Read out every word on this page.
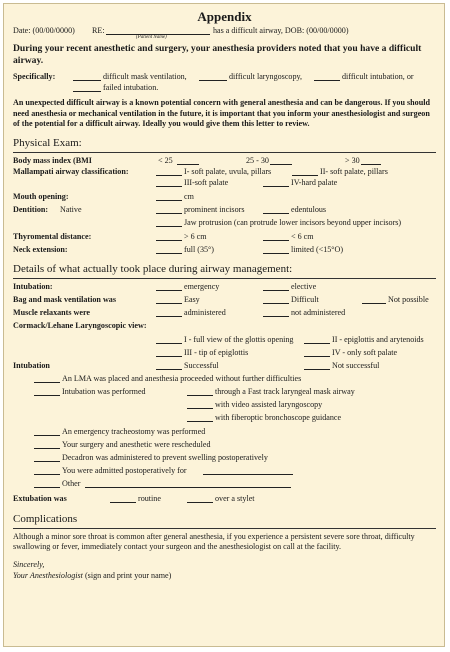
Appendix
Date: (00/00/0000) RE:
(Patient Name)
has a difficult airway, DOB: (00/00/0000)

During your recent anesthetic and surgery, your anesthesia providers noted that you have a difficult airway.

Specifically:	difficult mask ventilation,	difficult laryngoscopy,	difficult intubation, or
failed intubation.

An unexpected difficult airway is a known potential concern with general anesthesia and can be dangerous. If you should need anesthesia or mechanical ventilation in the future, it is important that you inform your anesthesiologist and surgeon of the potential for a difficult airway. Ideally you would give them this letter to review.

Physical Exam:
Body mass index (BMI	< 25	25 - 30	> 30
Mallampati airway classification:	I- soft palate, uvula, pillars	II- soft palate, pillars
III-soft palate	IV-hard palate
Mouth opening:	cm
Dentition: Native	prominent incisors	edentulous
Jaw protrusion (can protrude lower incisors beyond upper incisors)
Thyromental distance:	> 6 cm	< 6 cm
Neck extension:	full (35°)	limited (<15°O)
Details of what actually took place during airway management:
Intubation:	emergency	elective
Bag and mask ventilation was	Easy	Difficult	Not possible
Muscle relaxants were	administered	not administered
Cormack/Lehane Laryngoscopic view:
I - full view of the glottis opening	II - epiglottis and arytenoids
III - tip of epiglottis	IV - only soft palate
Intubation	Successful	Not successful
An LMA was placed and anesthesia proceeded without further difficulties
Intubation was performed	through a Fast track laryngeal mask airway
with video assisted laryngoscopy
with fiberoptic bronchoscope guidance
An emergency tracheostomy was performed
Your surgery and anesthetic were rescheduled
Decadron was administered to prevent swelling postoperatively
You were admitted postoperatively for
Other
Extubation was	routine	over a stylet
Complications

Although a minor sore throat is common after general anesthesia, if you experience a persistent severe sore throat, difficulty swallowing or fever, immediately contact your surgeon and the anesthesiologist on call at the facility.

Sincerely,

Your Anesthesiologist (sign and print your name)
